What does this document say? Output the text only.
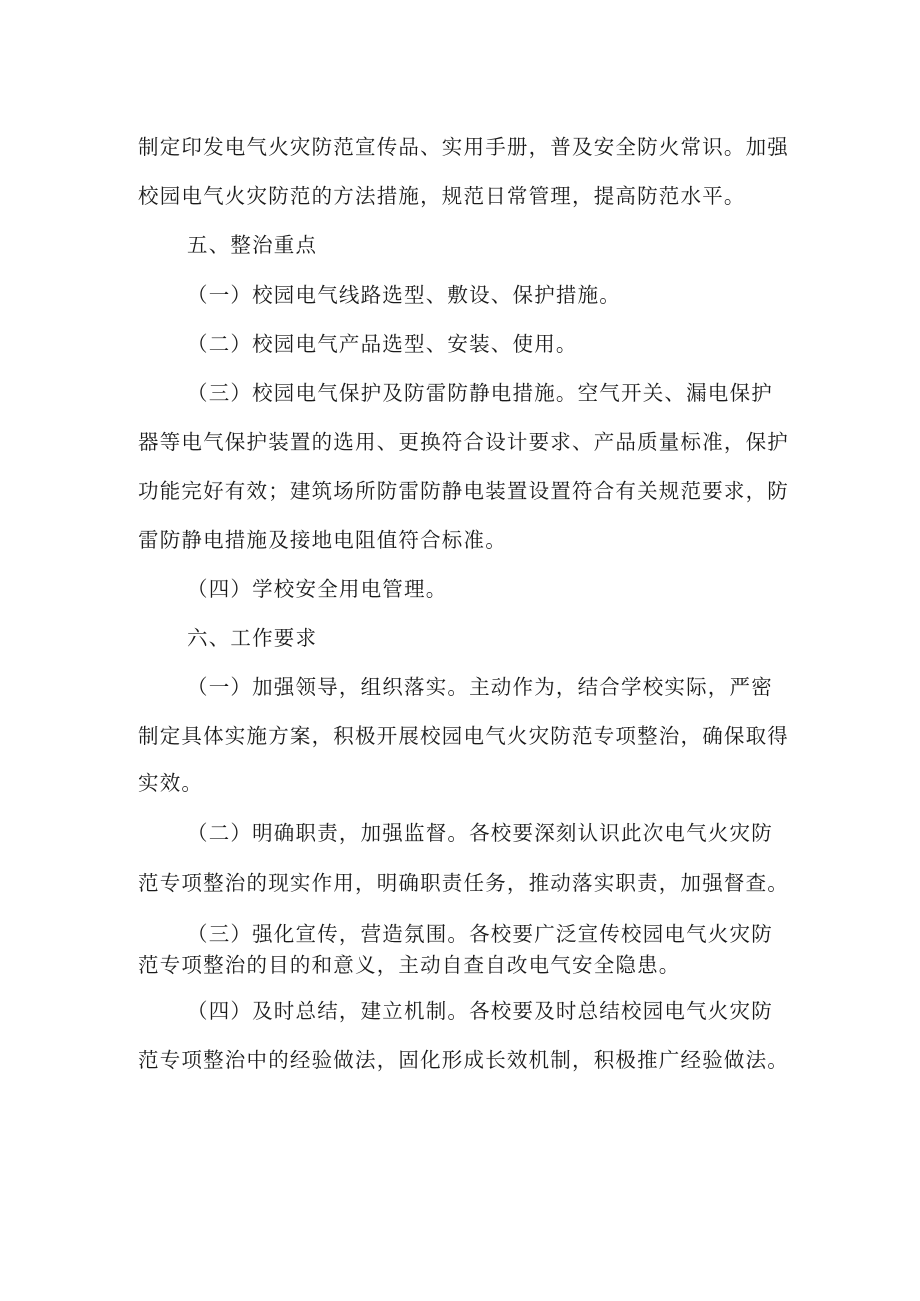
制定印发电气火灾防范宣传品、实用手册，普及安全防火常识。加强
校园电气火灾防范的方法措施，规范日常管理，提高防范水平。
五、整治重点
（一）校园电气线路选型、敷设、保护措施。
（二）校园电气产品选型、安装、使用。
（三）校园电气保护及防雷防静电措施。空气开关、漏电保护
器等电气保护装置的选用、更换符合设计要求、产品质量标准，保护
功能完好有效；建筑场所防雷防静电装置设置符合有关规范要求，防
雷防静电措施及接地电阻值符合标准。
（四）学校安全用电管理。
六、工作要求
（一）加强领导，组织落实。主动作为，结合学校实际，严密
制定具体实施方案，积极开展校园电气火灾防范专项整治，确保取得
实效。
（二）明确职责，加强监督。各校要深刻认识此次电气火灾防
范专项整治的现实作用，明确职责任务，推动落实职责，加强督查。
（三）强化宣传，营造氛围。各校要广泛宣传校园电气火灾防
范专项整治的目的和意义，主动自查自改电气安全隐患。
（四）及时总结，建立机制。各校要及时总结校园电气火灾防
范专项整治中的经验做法，固化形成长效机制，积极推广经验做法。
